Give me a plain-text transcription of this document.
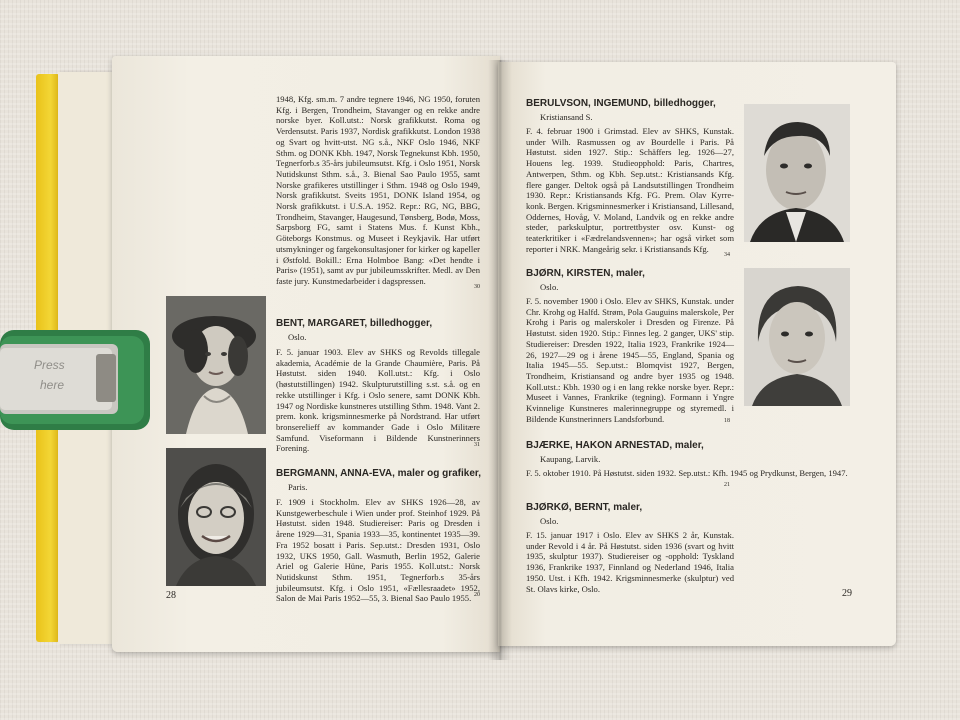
1948, Kfg. sm.m. 7 andre tegnere 1946, NG 1950, foruten Kfg. i Bergen, Trondheim, Stavanger og en rekke andre norske byer. Koll.utst.: Norsk grafikkutst. Roma og Verdensutst. Paris 1937, Nordisk grafikkutst. London 1938 og Svart og hvitt-utst. NG s.å., NKF Oslo 1946, NKF Sthm. og DONK Kbh. 1947, Norsk Tegnekunst Kbh. 1950, Tegnerforb.s 35-års jubileumsutst. Kfg. i Oslo 1951, Norsk Nutidskunst Sthm. s.å., 3. Bienal Sao Paulo 1955, samt Norske grafikeres utstillinger i Sthm. 1948 og Oslo 1949, Norsk grafikkutst. Sveits 1951, DONK Island 1954, og Norsk grafikkutst. i U.S.A. 1952. Repr.: RG, NG, BBG, Trondheim, Stavanger, Haugesund, Tønsberg, Bodø, Moss, Sarpsborg FG, samt i Statens Mus. f. Kunst Kbh., Göteborgs Konstmus. og Museet i Reykjavik. Har utført utsmykninger og fargekonsultasjoner for kirker og kapeller i Østfold. Bokill.: Erna Holmboe Bang: «Det hendte i Paris» (1951), samt av pur jubileumsskrifter. Medl. av Den faste jury. Kunstmedarbeider i dagspressen.
30
BENT, MARGARET, billedhogger,
Oslo.
F. 5. januar 1903. Elev av SHKS og Revolds tillegale akademia, Académie de la Grande Chaumière, Paris. På Høstutst. siden 1940. Koll.utst.: Kfg. i Oslo (høstutstillingen) 1942. Skulpturutstilling s.st. s.å. og en rekke utstillinger i Kfg. i Oslo senere, samt DONK Kbh. 1947 og Nordiske kunstneres utstilling Sthm. 1948. Vant 2. prem. konk. krigsminnesmerke på Nordstrand. Har utført bronserelieff av kommander Gade i Oslo Militære Samfund. Viseformann i Bildende Kunstnerinners Forening.	31
BERGMANN, ANNA-EVA, maler og grafiker,
Paris.
F. 1909 i Stockholm. Elev av SHKS 1926—28, av Kunstgewerbeschule i Wien under prof. Steinhof 1929. På Høstutst. siden 1948. Studiereiser: Paris og Dresden i årene 1929—31, Spania 1933—35, kontinentet 1935—39. Fra 1952 bosatt i Paris. Sep.utst.: Dresden 1931, Oslo 1932, UKS 1950, Gall. Wasmuth, Berlin 1952, Galerie Ariel og Galerie Hüne, Paris 1955. Koll.utst.: Norsk Nutidskunst Sthm. 1951, Tegnerforb.s 35-års jubileumsutst. Kfg. i Oslo 1951, «Fællesraadet» 1952, Salon de Mai Paris 1952—55, 3. Bienal Sao Paulo 1955. 20
28
BERULVSON, INGEMUND, billedhogger,
Kristiansand S.
F. 4. februar 1900 i Grimstad. Elev av SHKS, Kunstak. under Wilh. Rasmussen og av Bourdelle i Paris. På Høstutst. siden 1927. Stip.: Schäffers leg. 1926—27, Houens leg. 1939. Studieopphold: Paris, Chartres, Antwerpen, Sthm. og Kbh. Sep.utst.: Kristiansands Kfg. flere ganger. Deltok også på Landsutstillingen Trondheim 1930. Repr.: Kristiansands Kfg. FG. Prem. Olav Kyrre-konk. Bergen. Krigsminnesmerker i Kristiansand, Lillesand, Oddernes, Hovåg, V. Moland, Landvik og en rekke andre steder, parkskulptur, portrettbyster osv. Kunst- og teaterkritiker i «Fædrelandsvennen»; har også virket som reporter i NRK. Mangeårig sekr. i Kristiansands Kfg.
34
BJØRN, KIRSTEN, maler,
Oslo.
F. 5. november 1900 i Oslo. Elev av SHKS, Kunstak. under Chr. Krohg og Halfd. Strøm, Pola Gauguins malerskole, Per Krohg i Paris og malerskoler i Dresden og Firenze. På Høstutst. siden 1920. Stip.: Finnes leg. 2 ganger, UKS' stip. Studiereiser: Dresden 1922, Italia 1923, Frankrike 1924—26, 1927—29 og i årene 1945—55, England, Spania og Italia 1945—55. Sep.utst.: Blomqvist 1927, Bergen, Trondheim, Kristiansand og andre byer 1935 og 1948. Koll.utst.: Kbh. 1930 og i en lang rekke norske byer. Repr.: Museet i Vannes, Frankrike (tegning). Formann i Yngre Kvinnelige Kunstneres malerinnegruppe og styremedl. i Bildende Kunstnerinners Landsforbund.	18
BJÆRKE, HAKON ARNESTAD, maler,
Kaupang, Larvik.
F. 5. oktober 1910. På Høstutst. siden 1932. Sep.utst.: Kfh. 1945 og Prydkunst, Bergen, 1947.
21
BJØRKØ, BERNT, maler,
Oslo.
F. 15. januar 1917 i Oslo. Elev av SHKS 2 år, Kunstak. under Revold i 4 år. På Høstutst. siden 1936 (svart og hvitt 1935, skulptur 1937). Studiereiser og -opphold: Tyskland 1936, Frankrike 1937, Finnland og Nederland 1946, Italia 1950. Utst. i Kfh. 1942. Krigsminnesmerke (skulptur) ved St. Olavs kirke, Oslo.	29
Press
here
